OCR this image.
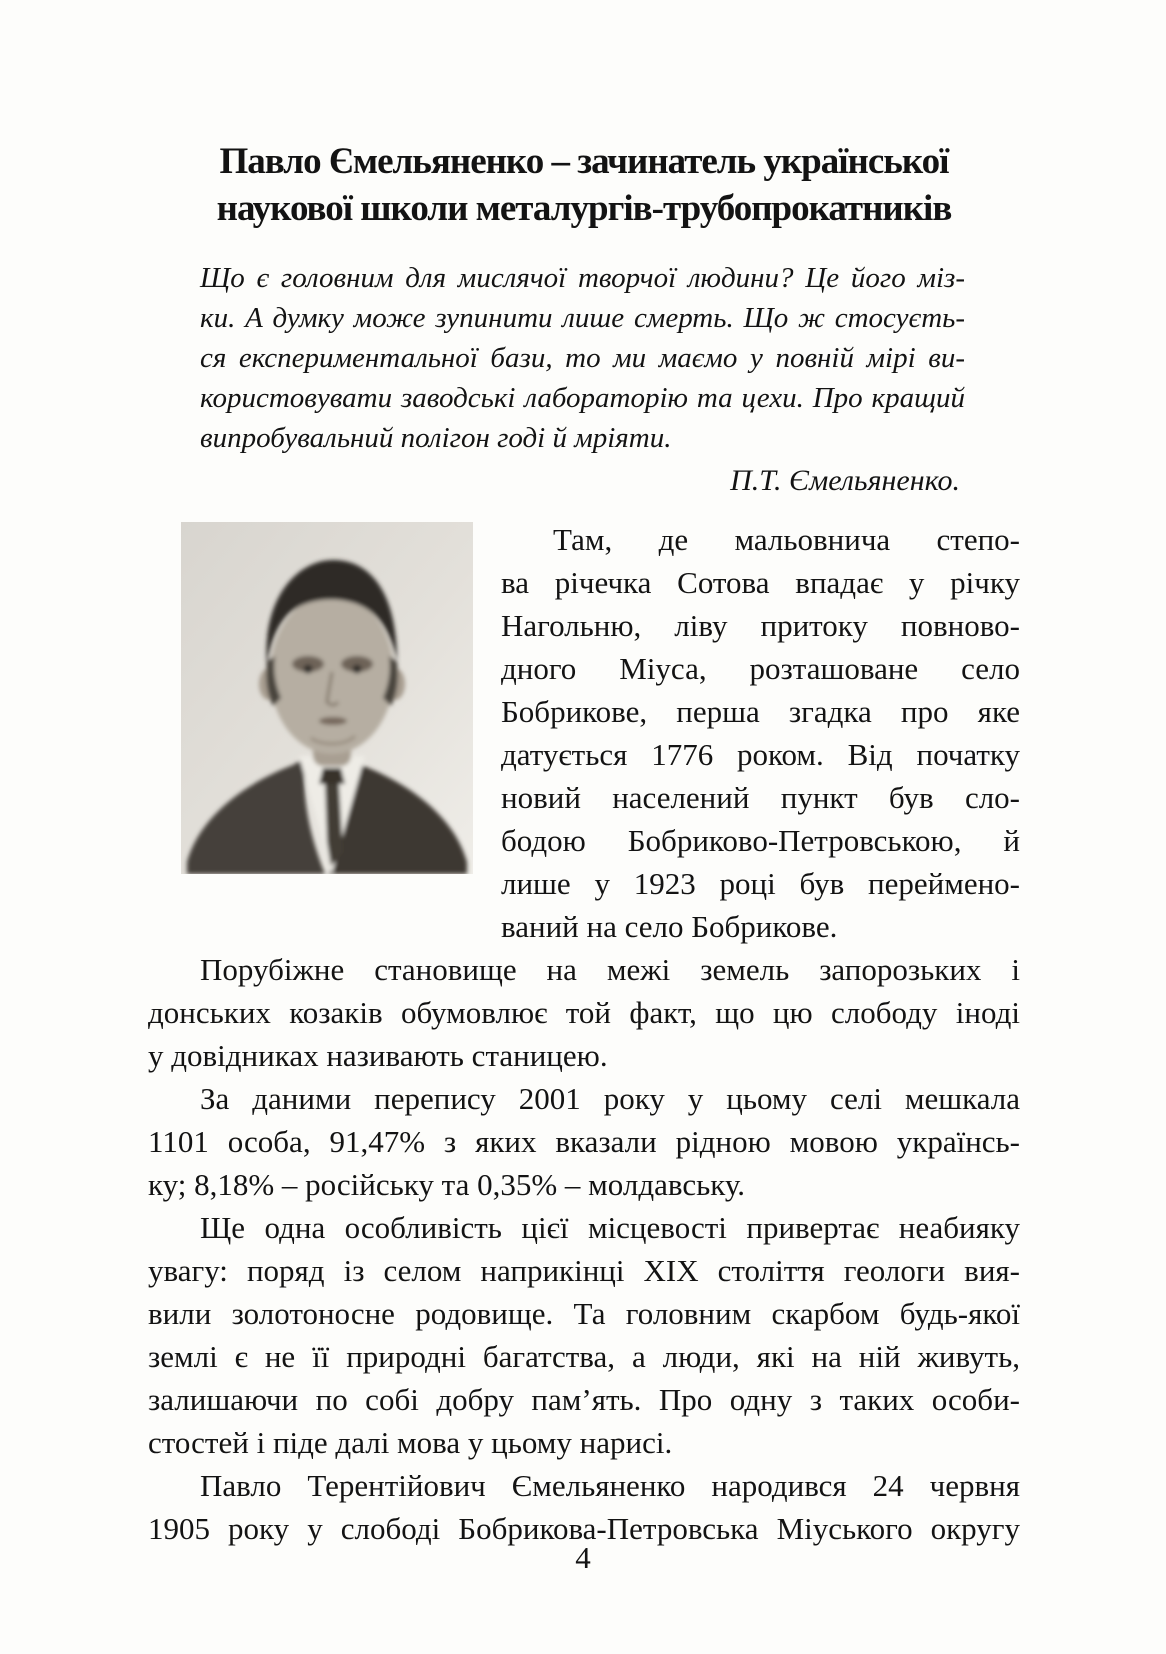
Павло Ємельяненко – зачинатель української
наукової школи металургів-трубопрокатників
Що є головним для мислячої творчої людини? Це його міз-
ки. А думку може зупинити лише смерть. Що ж стосуєть-
ся експериментальної бази, то ми маємо у повній мірі ви-
користовувати заводські лабораторію та цехи. Про кращий
випробувальний полігон годі й мріяти.
П.Т. Ємельяненко.
Там, де мальовнича степо-
ва річечка Сотова впадає у річку
Нагольню, ліву притоку повново-
дного Міуса, розташоване село
Бобрикове, перша згадка про яке
датується 1776 роком. Від початку
новий населений пункт був сло-
бодою Бобриково-Петровською, й
лише у 1923 році був переймено-
ваний на село Бобрикове.
Порубіжне становище на межі земель запорозьких і
донських козаків обумовлює той факт, що цю слободу іноді
у довідниках називають станицею.
За даними перепису 2001 року у цьому селі мешкала
1101 особа, 91,47% з яких вказали рідною мовою українсь-
ку; 8,18% – російську та 0,35% – молдавську.
Ще одна особливість цієї місцевості привертає неабияку
увагу: поряд із селом наприкінці XIX століття геологи вия-
вили золотоносне родовище. Та головним скарбом будь-якої
землі є не її природні багатства, а люди, які на ній живуть,
залишаючи по собі добру пам’ять. Про одну з таких особи-
стостей і піде далі мова у цьому нарисі.
Павло Терентійович Ємельяненко народився 24 червня
1905 року у слободі Бобрикова-Петровська Міуського округу
4
